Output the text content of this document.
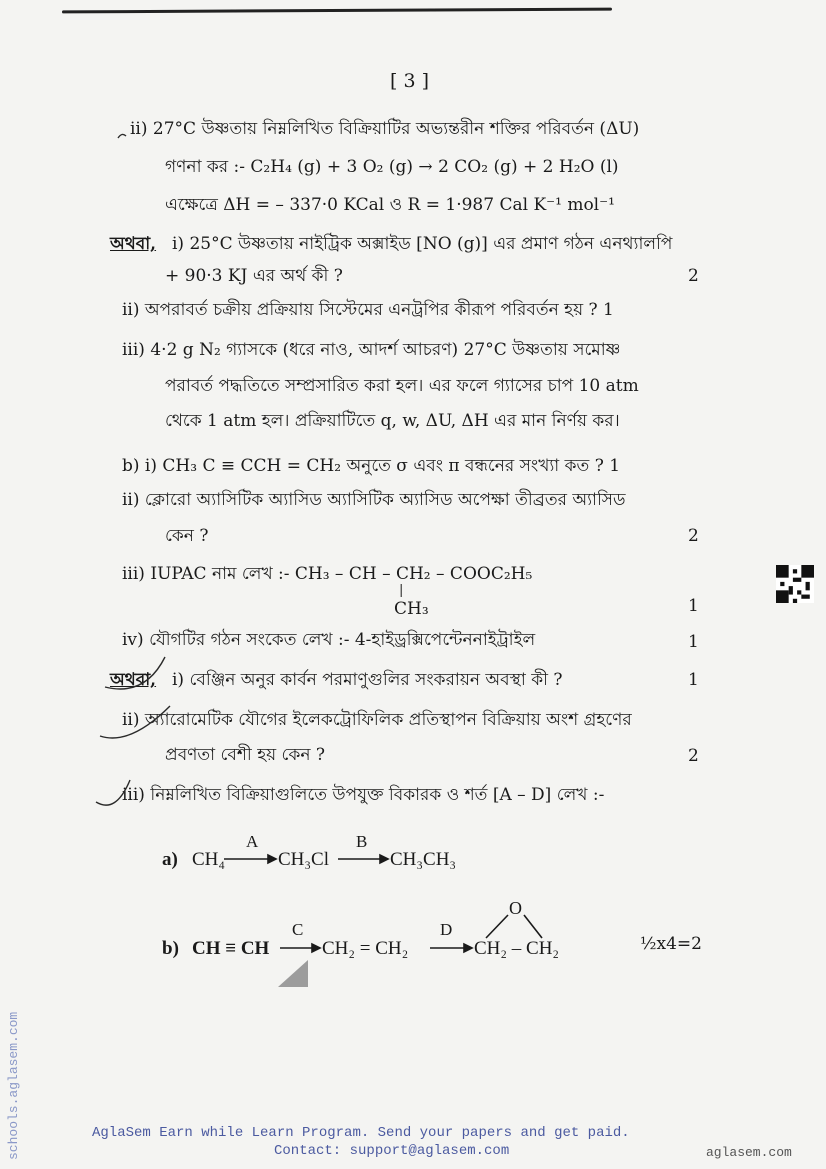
[ 3 ]
ii) 27°C উষ্ণতায় নিম্নলিখিত বিক্রিয়াটির অভ্যন্তরীন শক্তির পরিবর্তন (ΔU)
গণনা কর :- C₂H₄ (g) + 3 O₂ (g) → 2 CO₂ (g) + 2 H₂O (l)
এক্ষেত্রে ΔH = – 337·0 KCal ও R = 1·987 Cal K⁻¹ mol⁻¹
অথবা, i) 25°C উষ্ণতায় নাইট্রিক অক্সাইড [NO (g)] এর প্রমাণ গঠন এনথ্যালপি
+ 90·3 KJ এর অর্থ কী ?	2
ii) অপরাবর্ত চক্রীয় প্রক্রিয়ায় সিস্টেমের এনট্রপির কীরূপ পরিবর্তন হয় ? 1
iii) 4·2 g N₂ গ্যাসকে (ধরে নাও, আদর্শ আচরণ) 27°C উষ্ণতায় সমোষ্ণ
পরাবর্ত পদ্ধতিতে সম্প্রসারিত করা হল। এর ফলে গ্যাসের চাপ 10 atm
থেকে 1 atm হল। প্রক্রিয়াটিতে q, w, ΔU, ΔH এর মান নির্ণয় কর।
b) i) CH₃ C ≡ CCH = CH₂ অনুতে σ এবং π বন্ধনের সংখ্যা কত ? 1
ii) ক্লোরো অ্যাসিটিক অ্যাসিড অ্যাসিটিক অ্যাসিড অপেক্ষা তীব্রতর অ্যাসিড
কেন ?	2
iii) IUPAC নাম লেখ :- CH₃ – CH – CH₂ – COOC₂H₅
|
CH₃	1
iv) যৌগটির গঠন সংকেত লেখ :- 4-হাইড্রক্সিপেন্টেননাইট্রাইল	1
অথবা, i) বেঞ্জিন অনুর কার্বন পরমাণুগুলির সংকরায়ন অবস্থা কী ?	1
ii) অ্যারোমেটিক যৌগের ইলেকট্রোফিলিক প্রতিস্থাপন বিক্রিয়ায় অংশ গ্রহণের
প্রবণতা বেশী হয় কেন ?	2
iii) নিম্নলিখিত বিক্রিয়াগুলিতে উপযুক্ত বিকারক ও শর্ত [A – D] লেখ :-
a) CH₄
A
CH₃Cl
B
CH₃CH₃
b) CH ≡ CH
C
CH₂ = CH₂
D
O
CH₂ – CH₂	½x4=2
AglaSem Earn while Learn Program. Send your papers and get paid.
Contact: support@aglasem.com	aglasem.com
schools.aglasem.com
